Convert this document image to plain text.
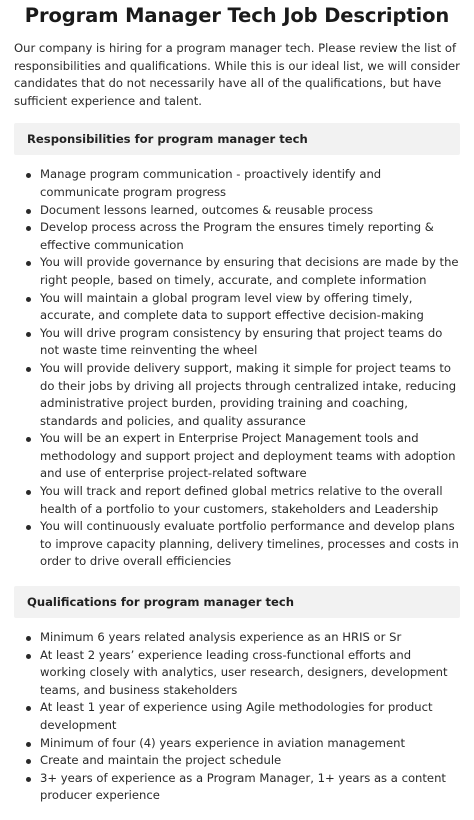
Program Manager Tech Job Description

Our company is hiring for a program manager tech. Please review the list of responsibilities and qualifications. While this is our ideal list, we will consider candidates that do not necessarily have all of the qualifications, but have sufficient experience and talent.

Responsibilities for program manager tech
Manage program communication - proactively identify and communicate program progress
Document lessons learned, outcomes & reusable process
Develop process across the Program the ensures timely reporting & effective communication
You will provide governance by ensuring that decisions are made by the right people, based on timely, accurate, and complete information
You will maintain a global program level view by offering timely, accurate, and complete data to support effective decision-making
You will drive program consistency by ensuring that project teams do not waste time reinventing the wheel
You will provide delivery support, making it simple for project teams to do their jobs by driving all projects through centralized intake, reducing administrative project burden, providing training and coaching, standards and policies, and quality assurance
You will be an expert in Enterprise Project Management tools and methodology and support project and deployment teams with adoption and use of enterprise project-related software
You will track and report defined global metrics relative to the overall health of a portfolio to your customers, stakeholders and Leadership
You will continuously evaluate portfolio performance and develop plans to improve capacity planning, delivery timelines, processes and costs in order to drive overall efficiencies
Qualifications for program manager tech
Minimum 6 years related analysis experience as an HRIS or Sr
At least 2 years’ experience leading cross-functional efforts and working closely with analytics, user research, designers, development teams, and business stakeholders
At least 1 year of experience using Agile methodologies for product development
Minimum of four (4) years experience in aviation management
Create and maintain the project schedule
3+ years of experience as a Program Manager, 1+ years as a content producer experience
